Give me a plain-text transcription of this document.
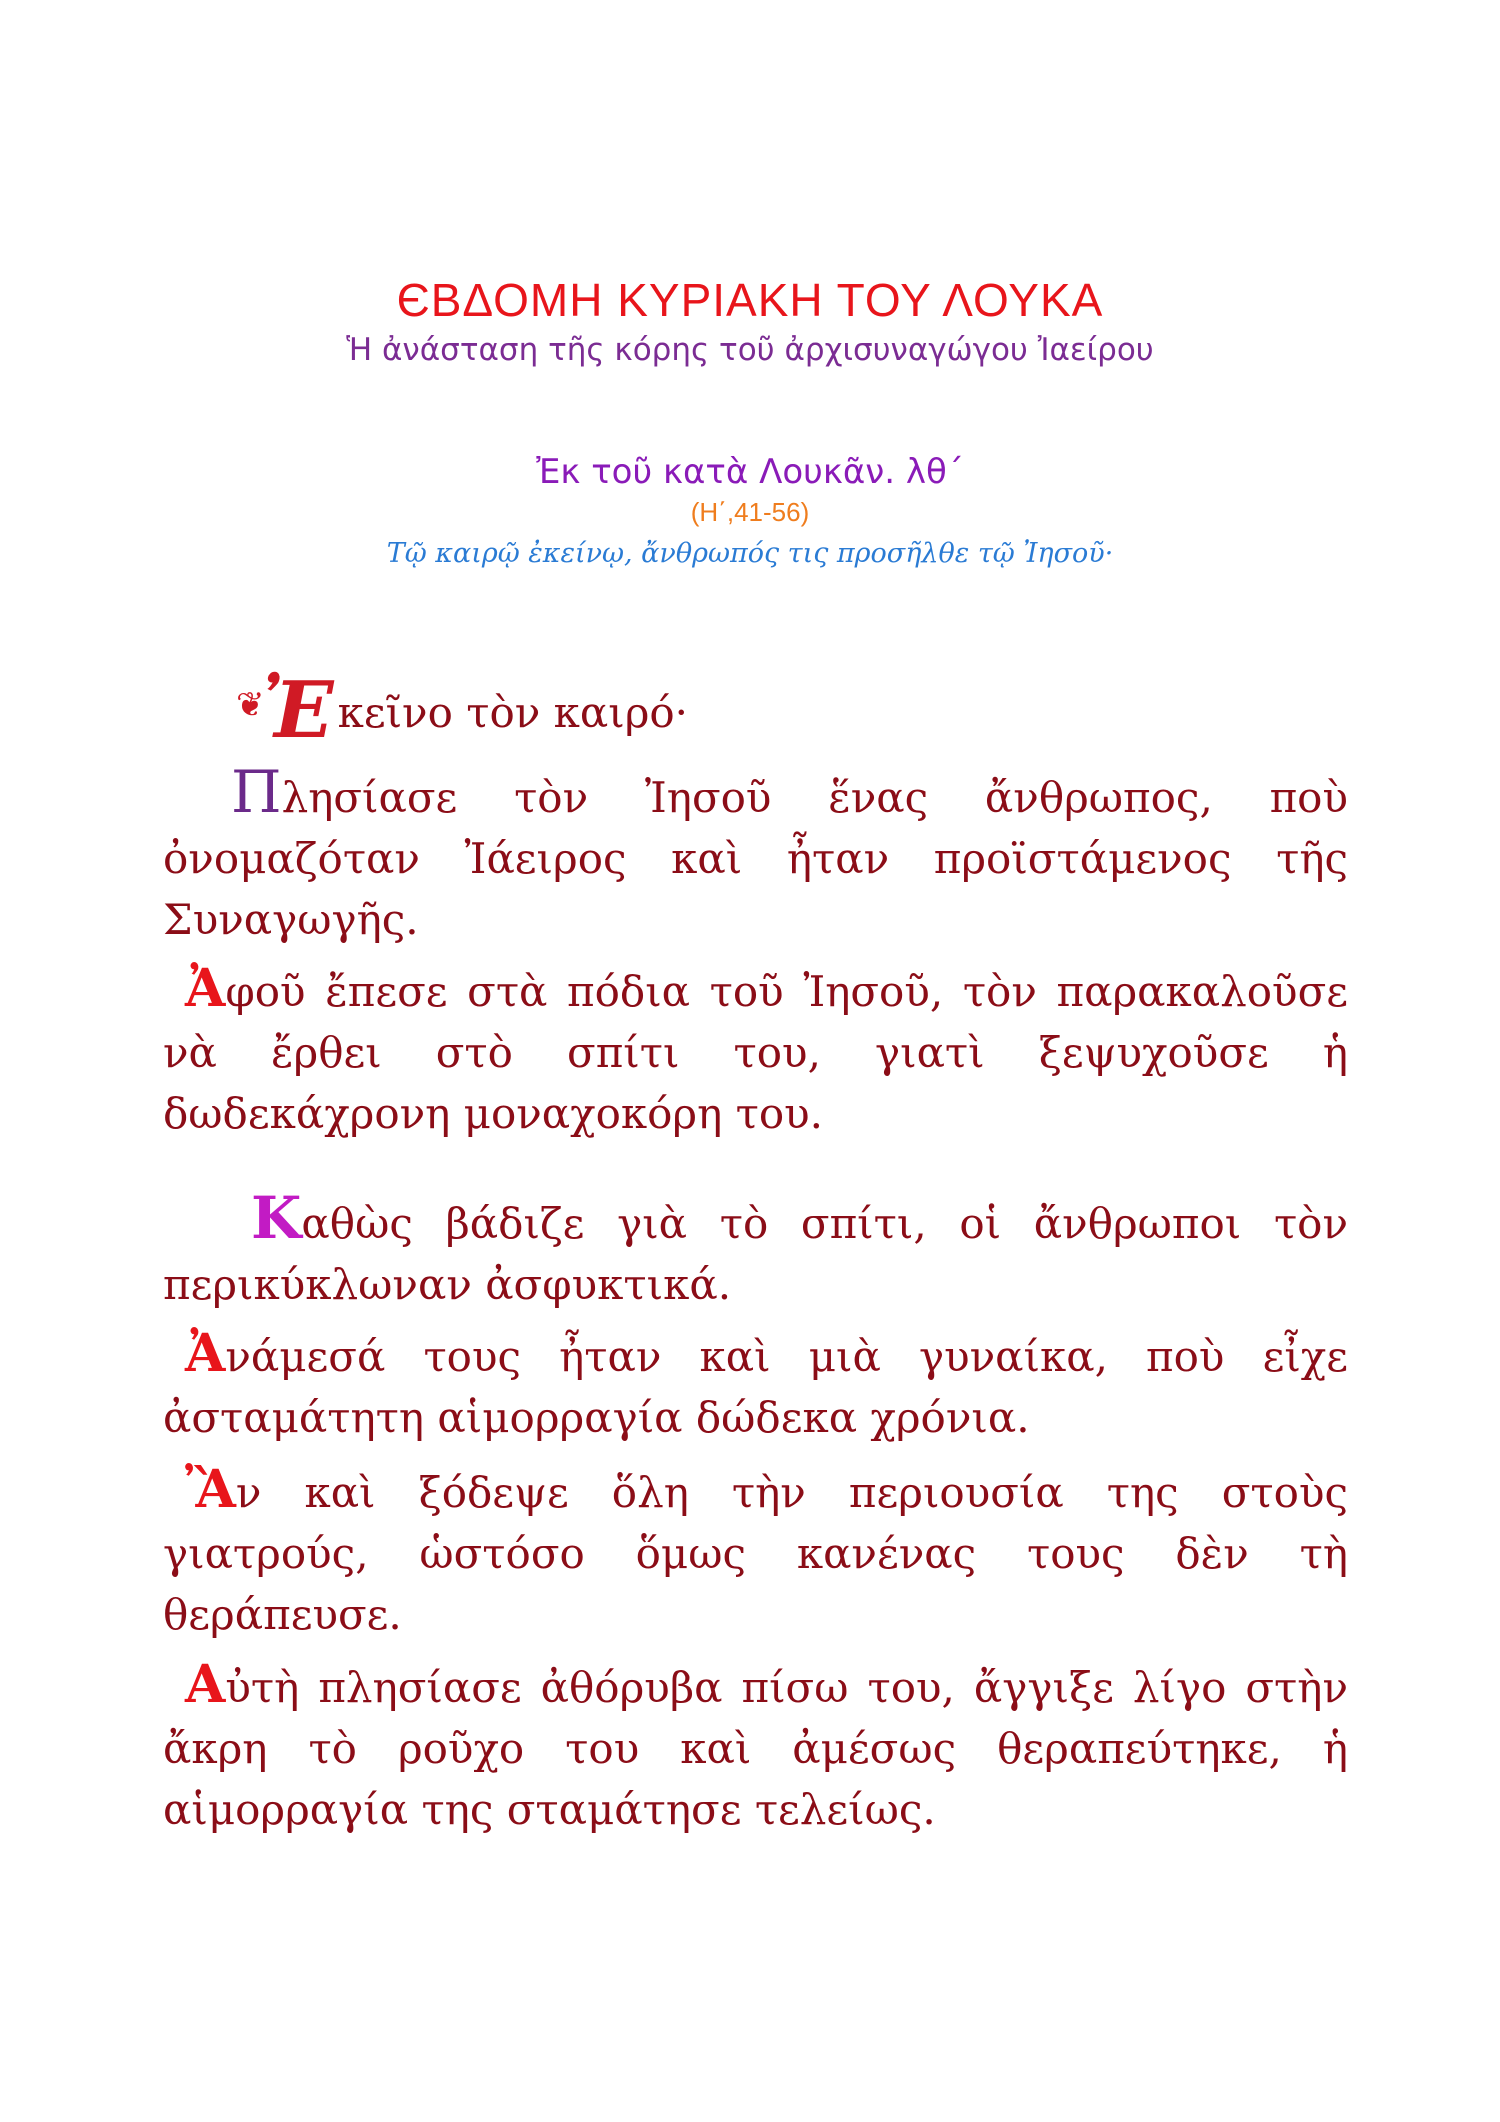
ЄΒΔΟΜΗ ΚΥΡΙΑΚΗ ΤΟΥ ΛΟΥΚΑ
Ἡ ἀνάσταση τῆς κόρης τοῦ ἀρχισυναγώγου Ἰαείρου
Ἐκ τοῦ κατὰ Λουκᾶν. λθ΄
(Η΄,41-56)
Τῷ καιρῷ ἐκείνῳ, ἄνθρωπός τις προσῆλθε τῷ Ἰησοῦ·

❦
Ἐκεῖνο τὸν καιρό·

Πλησίασε τὸν Ἰησοῦ ἕνας ἄνθρωπος, ποὺ ὀνομαζόταν Ἰάειρος καὶ ἦταν προϊστάμενος τῆς Συναγωγῆς.

Ἀφοῦ ἔπεσε στὰ πόδια τοῦ Ἰησοῦ, τὸν παρακαλοῦσε νὰ ἔρθει στὸ σπίτι του, γιατὶ ξεψυχοῦσε ἡ δωδεκάχρονη μοναχοκόρη του.

Καθὼς βάδιζε γιὰ τὸ σπίτι, οἱ ἄνθρωποι τὸν περικύκλωναν ἀσφυκτικά.

Ἀνάμεσά τους ἦταν καὶ μιὰ γυναίκα, ποὺ εἶχε ἀσταμάτητη αἱμορραγία δώδεκα χρόνια.

Ἂν καὶ ξόδεψε ὅλη τὴν περιουσία της στοὺς γιατρούς, ὡστόσο ὅμως κανένας τους δὲν τὴ θεράπευσε.

Αὐτὴ πλησίασε ἀθόρυβα πίσω του, ἄγγιξε λίγο στὴν ἄκρη τὸ ροῦχο του καὶ ἀμέσως θεραπεύτηκε, ἡ αἱμορραγία της σταμάτησε τελείως.
